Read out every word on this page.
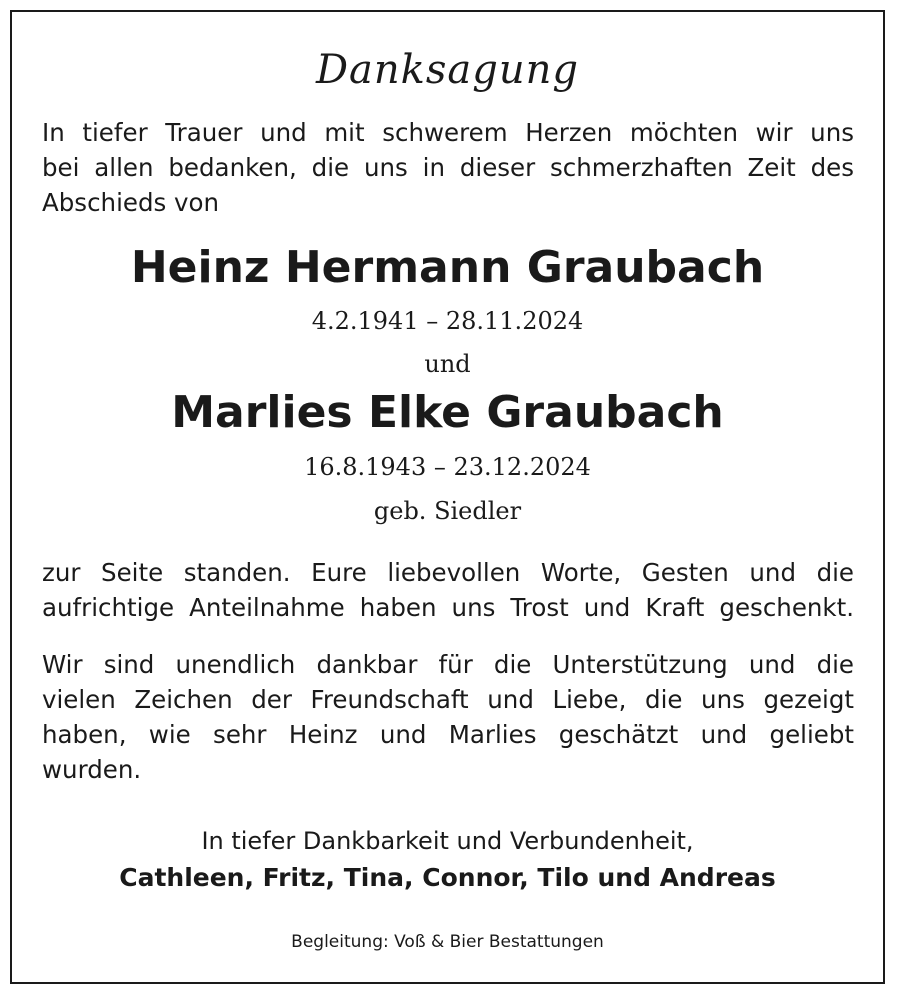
Danksagung
In tiefer Trauer und mit schwerem Herzen möchten wir uns
bei allen bedanken, die uns in dieser schmerzhaften Zeit des
Abschieds von
Heinz Hermann Graubach
4.2.1941 – 28.11.2024
und
Marlies Elke Graubach
16.8.1943 – 23.12.2024
geb. Siedler
zur Seite standen. Eure liebevollen Worte, Gesten und die
aufrichtige Anteilnahme haben uns Trost und Kraft geschenkt.
Wir sind unendlich dankbar für die Unterstützung und die
vielen Zeichen der Freundschaft und Liebe, die uns gezeigt
haben, wie sehr Heinz und Marlies geschätzt und geliebt
wurden.
In tiefer Dankbarkeit und Verbundenheit,
Cathleen, Fritz, Tina, Connor, Tilo und Andreas
Begleitung: Voß & Bier Bestattungen
